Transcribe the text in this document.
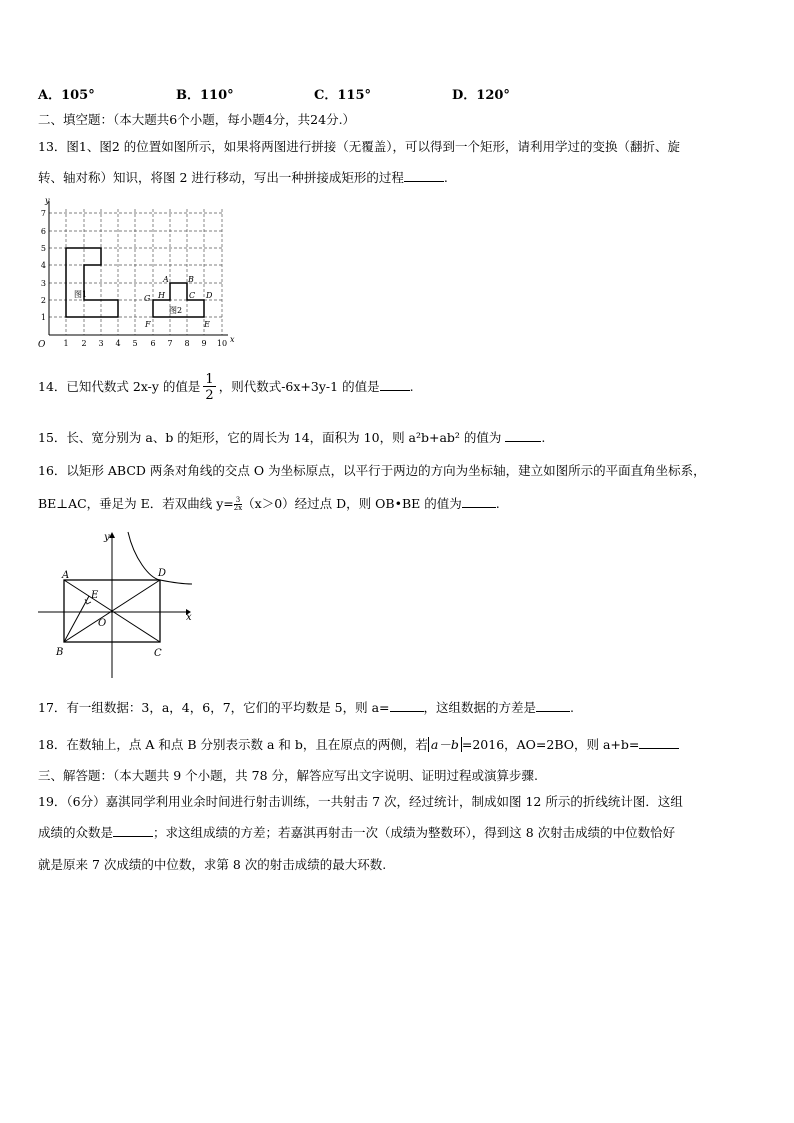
A．105°	B．110°	C．115°	D．120°
二、填空题：（本大题共6个小题，每小题4分，共24分.）
13．图1、图2 的位置如图所示，如果将两图进行拼接（无覆盖），可以得到一个矩形，请利用学过的变换（翻折、旋
转、轴对称）知识，将图 2 进行移动，写出一种拼接成矩形的过程	.
y
x
O 1 2 3 4 5 6 7 8 9 10
1
2
3
4
5
6
7
图1
图2
A B
C D
E
F
G H
14．已知代数式 2x-y 的值是 $\frac{1}{2}$ ，则代数式-6x+3y-1 的值是 .
15．长、宽分别为 a、b 的矩形，它的周长为 14，面积为 10，则 a²b+ab² 的值为	.
16．以矩形 ABCD 两条对角线的交点 O 为坐标原点，以平行于两边的方向为坐标轴，建立如图所示的平面直角坐标系，
BE⊥AC，垂足为 E．若双曲线 $y= \frac{3}{2x}(x>0)$经过点 D，则 OB•BE 的值为	.
y
x
A
B	C
D
E
O
17．有一组数据：3，a，4，6，7，它们的平均数是 5，则 a=	，这组数据的方差是	.
18．在数轴上，点 A 和点 B 分别表示数 a 和 b，且在原点的两侧，若 a－b =2016，AO=2BO，则 a+b=
三、解答题：（本大题共 9 个小题，共 78 分，解答应写出文字说明、证明过程或演算步骤.
19．（6分）嘉淇同学利用业余时间进行射击训练，一共射击 7 次，经过统计，制成如图 12 所示的折线统计图．这组
成绩的众数是	；求这组成绩的方差；若嘉淇再射击一次（成绩为整数环），得到这 8 次射击成绩的中位数恰好
就是原来 7 次成绩的中位数，求第 8 次的射击成绩的最大环数.
